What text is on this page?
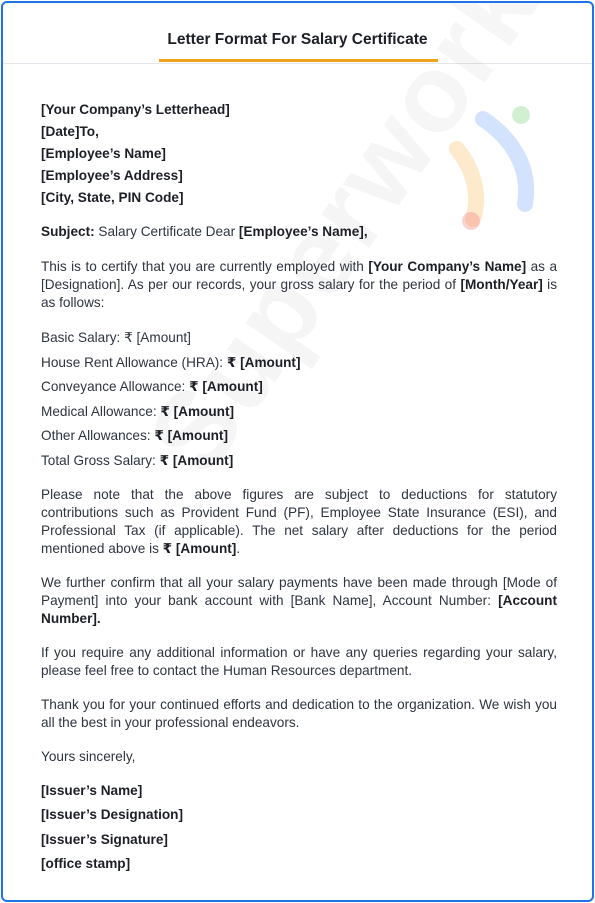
Letter Format For Salary Certificate
[Your Company’s Letterhead]
[Date]To,
[Employee’s Name]
[Employee’s Address]
[City, State, PIN Code]

Subject: Salary Certificate Dear [Employee’s Name],

This is to certify that you are currently employed with [Your Company’s Name] as a [Designation]. As per our records, your gross salary for the period of [Month/Year] is as follows:

Basic Salary: ₹ [Amount]
House Rent Allowance (HRA): ₹ [Amount]
Conveyance Allowance: ₹ [Amount]
Medical Allowance: ₹ [Amount]
Other Allowances: ₹ [Amount]
Total Gross Salary: ₹ [Amount]

Please note that the above figures are subject to deductions for statutory contributions such as Provident Fund (PF), Employee State Insurance (ESI), and Professional Tax (if applicable). The net salary after deductions for the period mentioned above is ₹ [Amount].

We further confirm that all your salary payments have been made through [Mode of Payment] into your bank account with [Bank Name], Account Number: [Account Number].

If you require any additional information or have any queries regarding your salary, please feel free to contact the Human Resources department.

Thank you for your continued efforts and dedication to the organization. We wish you all the best in your professional endeavors.

Yours sincerely,

[Issuer’s Name]
[Issuer’s Designation]
[Issuer’s Signature]
[office stamp]
